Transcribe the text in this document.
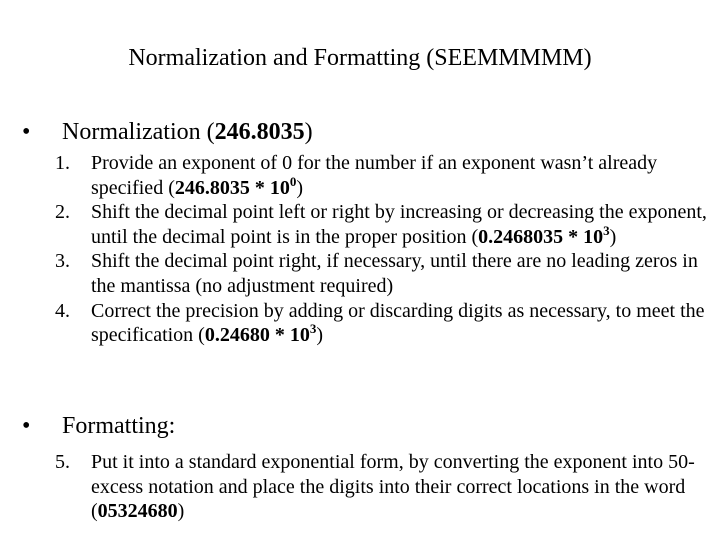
Normalization and Formatting (SEEMMMMM)
• Normalization (246.8035)
1. Provide an exponent of 0 for the number if an exponent wasn’t already specified $(246.8035 * 10^0)$
2. Shift the decimal point left or right by increasing or decreasing the exponent, until the decimal point is in the proper position $(0.2468035 * 10^3)$
3. Shift the decimal point right, if necessary, until there are no leading zeros in the mantissa (no adjustment required)
4. Correct the precision by adding or discarding digits as necessary, to meet the specification $(0.24680 * 10^3)$
• Formatting:
5. Put it into a standard exponential form, by converting the exponent into 50-excess notation and place the digits into their correct locations in the word (05324680)
